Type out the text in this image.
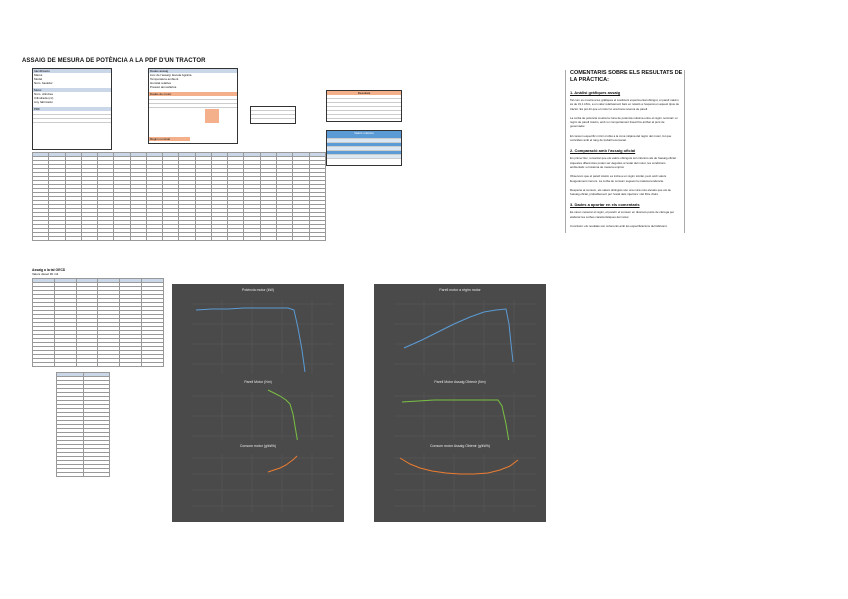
ASSAIG DE MESURA DE POTÈNCIA A LA PDF D'UN TRACTOR
Identificació
Marca
Model
Núm. bastidor
Motor
Núm. cilindres
Cilindrada (cc)
Any fabricació
PDF
Dades assaig
Lloc de l'assaig: Escola Agrària
Temperatura ambient
Humitat relativa
Pressió atmosfèrica
Dades de motor
Règim nominal
Resultats
Valors màxims

Assaig a la tal OECD
Valors diesel 90 m3

Potència motor (kW)	Parell motor a règim motor
Parell Motor (Nm)	Parell Motor Assaig Obtenir (Nm)
Consum motor (g/kWh)	Consum motor Assaig Obtenir (g/kWh)
COMENTARIS SOBRE ELS RESULTATS DE LA PRÀCTICA:
1. Anàlisi gràfiques assaig

Tal com es mostra a les gràfiques el coeficient experimental obtingut, el parell màxim és de 31,1 kNm, a un valor relativament baix en relació a l'esperat en aquest tipus de tractor. Es pot dir que el motor té una bona reserva de parell.

La corba de potència mostra la zona de potència màxima entre el règim nominal i el règim de parell màxim, amb un comportament lineal fins arribar al punt de governador.

El consum específic mínim s'obté a la zona mitjana del règim del motor, fet que coincideix amb el rang de treball recomanat.

2. Comparació amb l'assaig oficial

En primer lloc, remarcar que els valors obtinguts són inferiors als de l'assaig oficial. Aquestes diferències poden ser degudes a l'estat del motor, les condicions ambientals i el sistema de mesura emprat.

Observem que el parell màxim es troba a un règim similar, però amb valors lleugerament menors. La corba de consum segueix la mateixa tendència.

Respecte al consum, els valors obtinguts són una mica més elevats que els de l'assaig oficial, probablement per l'estat dels injectors i del filtre d'aire.

3. Dades a aportar en els comentaris

Es varen mesurar el règim, el parell i el consum en diversos punts de càrrega per elaborar les corbes característiques del motor.

Conclusió: els resultats són coherents amb les especificacions del fabricant.
